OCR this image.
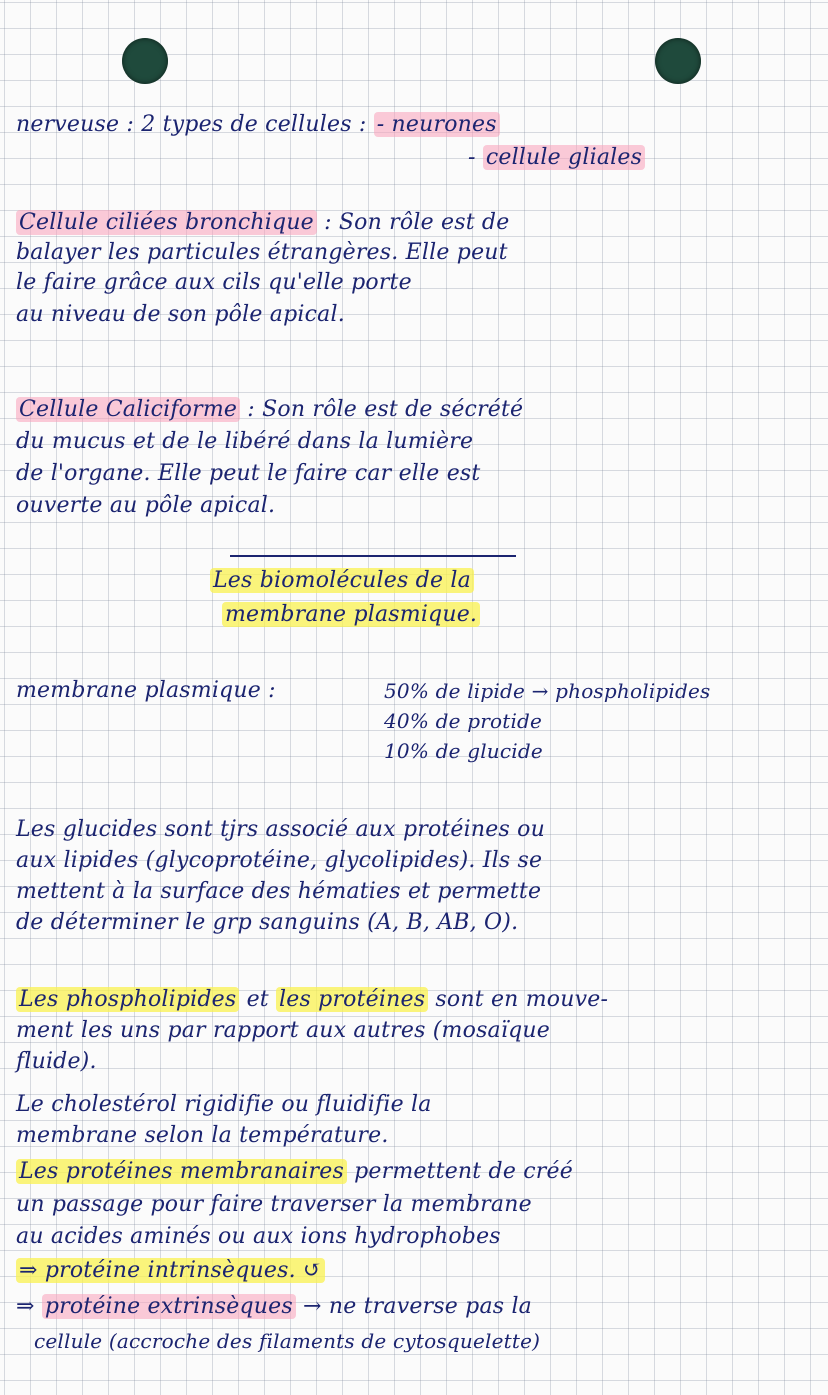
nerveuse : 2 types de cellules : - neurones

- cellule gliales

Cellule ciliées bronchique : Son rôle est de

balayer les particules étrangères. Elle peut

le faire grâce aux cils qu'elle porte

au niveau de son pôle apical.

Cellule Caliciforme : Son rôle est de sécrété

du mucus et de le libéré dans la lumière

de l'organe. Elle peut le faire car elle est

ouverte au pôle apical.

Les biomolécules de la

membrane plasmique.

membrane plasmique :	50% de lipide → phospholipides

40% de protide

10% de glucide

Les glucides sont tjrs associé aux protéines ou

aux lipides (glycoprotéine, glycolipides). Ils se

mettent à la surface des hématies et permette

de déterminer le grp sanguins (A, B, AB, O).

Les phospholipides et les protéines sont en mouve-

ment les uns par rapport aux autres (mosaïque

fluide).

Le cholestérol rigidifie ou fluidifie la

membrane selon la température.

Les protéines membranaires permettent de créé

un passage pour faire traverser la membrane

au acides aminés ou aux ions hydrophobes

⇒ protéine intrinsèques. ↺

⇒ protéine extrinsèques → ne traverse pas la

cellule (accroche des filaments de cytosquelette)
